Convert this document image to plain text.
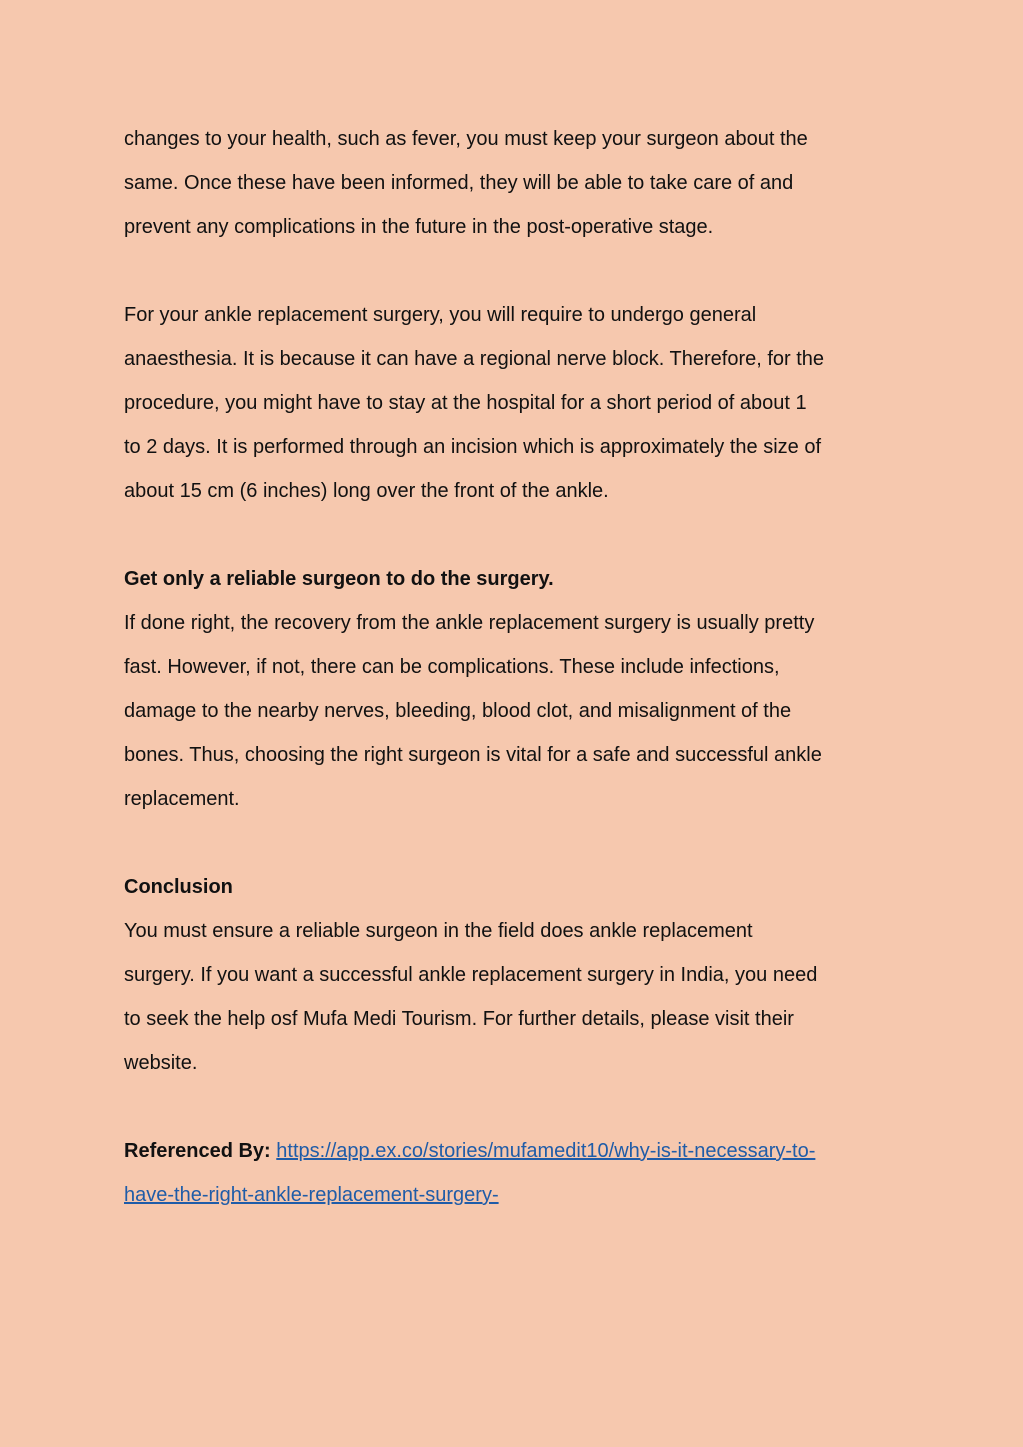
changes to your health, such as fever, you must keep your surgeon about the
same. Once these have been informed, they will be able to take care of and
prevent any complications in the future in the post-operative stage.

For your ankle replacement surgery, you will require to undergo general
anaesthesia. It is because it can have a regional nerve block. Therefore, for the
procedure, you might have to stay at the hospital for a short period of about 1
to 2 days. It is performed through an incision which is approximately the size of
about 15 cm (6 inches) long over the front of the ankle.

Get only a reliable surgeon to do the surgery.

If done right, the recovery from the ankle replacement surgery is usually pretty
fast. However, if not, there can be complications. These include infections,
damage to the nearby nerves, bleeding, blood clot, and misalignment of the
bones. Thus, choosing the right surgeon is vital for a safe and successful ankle
replacement.

Conclusion

You must ensure a reliable surgeon in the field does ankle replacement
surgery. If you want a successful ankle replacement surgery in India, you need
to seek the help osf Mufa Medi Tourism. For further details, please visit their
website.

Referenced By: https://app.ex.co/stories/mufamedit10/why-is-it-necessary-to-
have-the-right-ankle-replacement-surgery-
